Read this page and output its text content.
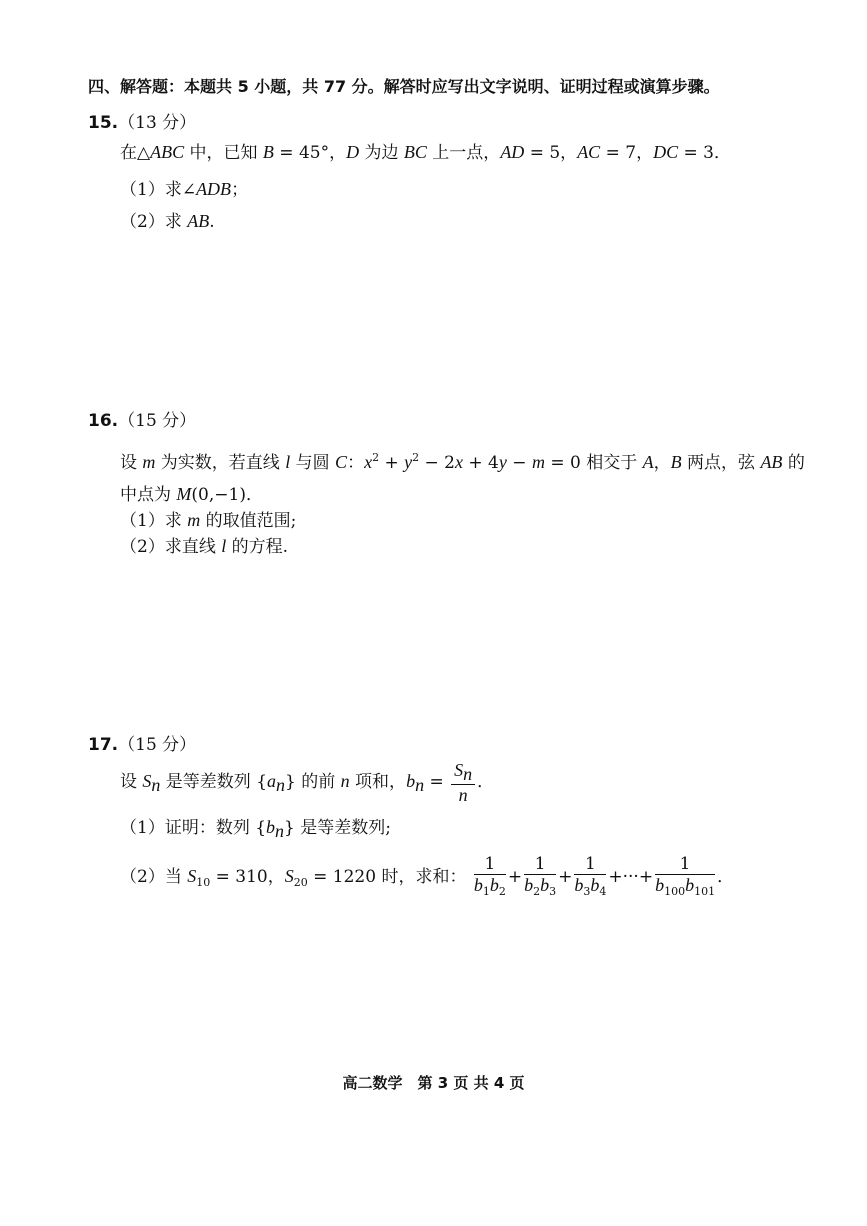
四、解答题：本题共 5 小题，共 77 分。解答时应写出文字说明、证明过程或演算步骤。
15.（13 分）
在△ABC 中，已知 B = 45°，D 为边 BC 上一点，AD = 5，AC = 7，DC = 3．
（1）求∠ADB；
（2）求 AB.
16.（15 分）
设 m 为实数，若直线 l 与圆 C：$x^2 + y^2 - 2x + 4y - m = 0$ 相交于 A，B 两点，弦 AB 的
中点为 M(0,−1)．
（1）求 m 的取值范围;
（2）求直线 l 的方程.
17.（15 分）
设 $S_n$ 是等差数列 $\{a_n\}$ 的前 n 项和，$b_n = \frac{S_n}{n}$ ．
（1）证明：数列 $\{b_n\}$ 是等差数列;
（2）当 $S_{10} = 310$，$S_{20} = 1220$ 时，求和： $\frac{1}{b_1b_2} + \frac{1}{b_2b_3} + \frac{1}{b_3b_4}$ +···+ $\frac{1}{b_{100}b_{101}}$ ．
高二数学　第 3 页 共 4 页
